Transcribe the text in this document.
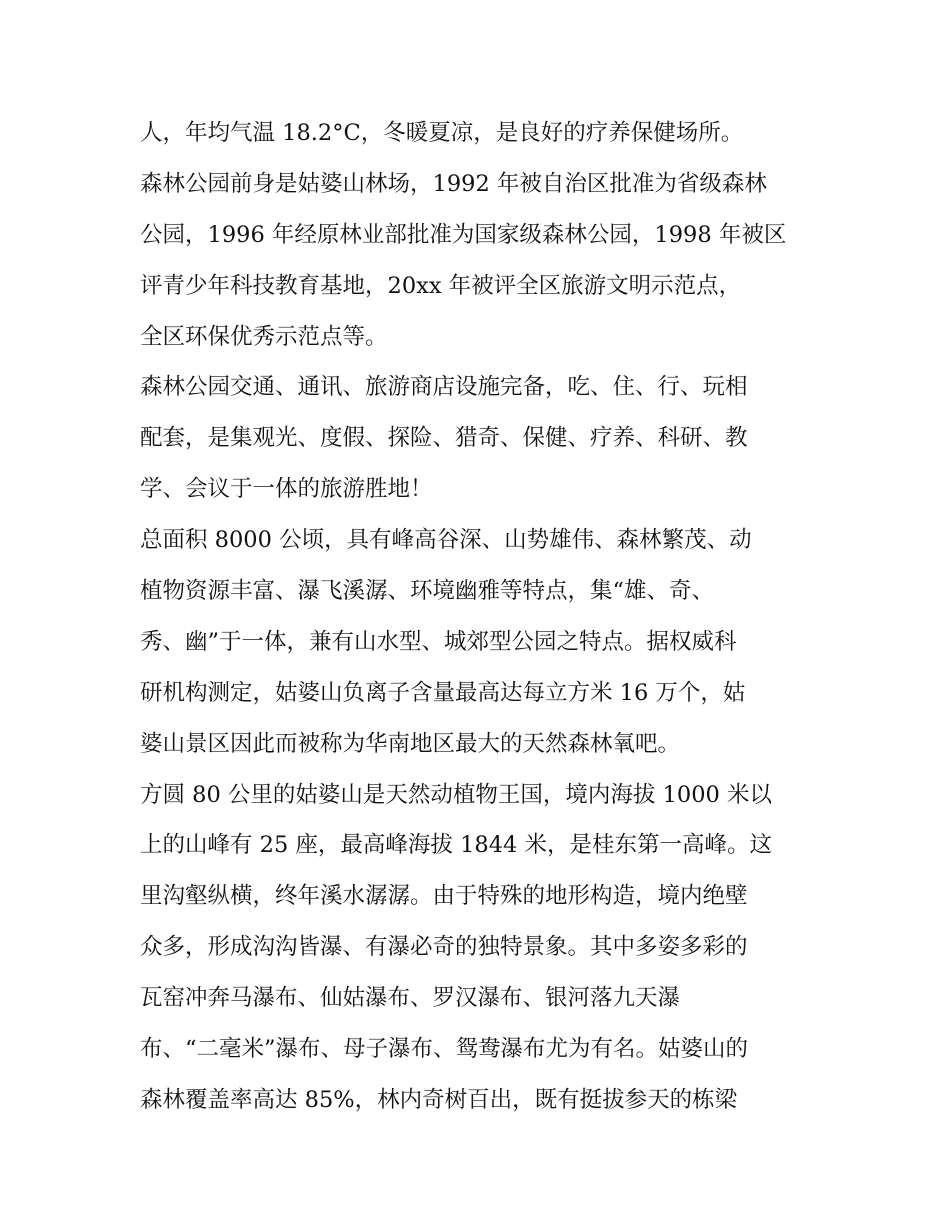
人，年均气温 18.2°C，冬暖夏凉，是良好的疗养保健场所。
森林公园前身是姑婆山林场，1992 年被自治区批准为省级森林
公园，1996 年经原林业部批准为国家级森林公园，1998 年被区
评青少年科技教育基地，20xx 年被评全区旅游文明示范点，
全区环保优秀示范点等。
森林公园交通、通讯、旅游商店设施完备，吃、住、行、玩相
配套，是集观光、度假、探险、猎奇、保健、疗养、科研、教
学、会议于一体的旅游胜地！
总面积 8000 公顷，具有峰高谷深、山势雄伟、森林繁茂、动
植物资源丰富、瀑飞溪潺、环境幽雅等特点，集“雄、奇、
秀、幽”于一体，兼有山水型、城郊型公园之特点。据权威科
研机构测定，姑婆山负离子含量最高达每立方米 16 万个，姑
婆山景区因此而被称为华南地区最大的天然森林氧吧。
方圆 80 公里的姑婆山是天然动植物王国，境内海拔 1000 米以
上的山峰有 25 座，最高峰海拔 1844 米，是桂东第一高峰。这
里沟壑纵横，终年溪水潺潺。由于特殊的地形构造，境内绝壁
众多，形成沟沟皆瀑、有瀑必奇的独特景象。其中多姿多彩的
瓦窑冲奔马瀑布、仙姑瀑布、罗汉瀑布、银河落九天瀑
布、“二毫米”瀑布、母子瀑布、鸳鸯瀑布尤为有名。姑婆山的
森林覆盖率高达 85%，林内奇树百出，既有挺拔参天的栋梁
